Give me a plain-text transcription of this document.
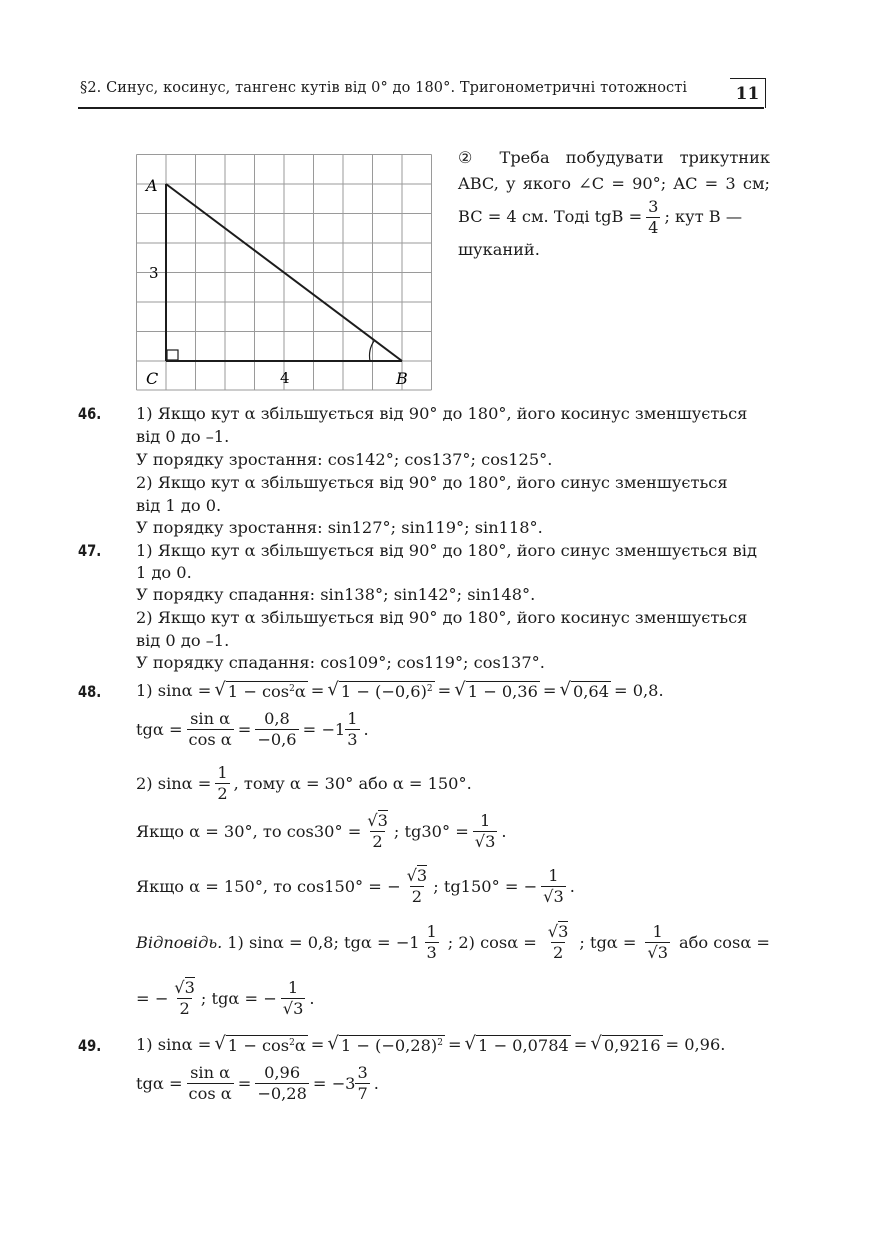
§2. Синус, косинус, тангенс кутів від 0° до 180°. Тригонометричні тотожності	11
A
3
C	4	B
② Треба побудувати трикутник
ABC, у якого ∠C = 90°; AC = 3 см;
BC = 4 см. Тоді tgB = $\frac{3}{4}$ ; кут B —
шуканий.
46. 1) Якщо кут α збільшується від 90° до 180°, його косинус зменшується
від 0 до –1.
У порядку зростання: cos142°; cos137°; cos125°.
2) Якщо кут α збільшується від 90° до 180°, його синус зменшується
від 1 до 0.
У порядку зростання: sin127°; sin119°; sin118°.
47. 1) Якщо кут α збільшується від 90° до 180°, його синус зменшується від
1 до 0.
У порядку спадання: sin138°; sin142°; sin148°.
2) Якщо кут α збільшується від 90° до 180°, його косинус зменшується
від 0 до –1.
У порядку спадання: cos109°; cos119°; cos137°.
48. 1) sinα = √ $1 - \cos^2\alpha$ = √ $1 - (-0,6)^2$ = √ 1 − 0,36 = √ 0,64 = 0,8.
$tg\alpha = \frac{\text{sin α}}{\text{cos α}} = \frac{0,8}{-0,6} = -1$
1
3
.
2) $\sin\alpha = \frac{1}{2}$ , тому α = 30° або α = 150°.
Якщо α = 30°, то $\cos 30^\circ = \frac{√3}{2}$ ; $tg30^\circ = \frac{1}{√3}$ .
Якщо α = 150°, то cos150° = − $\frac{√3}{2}$ ; tg150° = − $\frac{1}{√3}$ .
Відповідь. 1) sinα = 0,8; tgα = −1
1
3
; 2) $\cos\alpha = \frac{√3}{2}$ ; $tg\alpha = \frac{1}{√3}$ або cosα =
= − $\frac{√3}{2}$ ; tgα = − $\frac{1}{√3}$ .
49. 1) sinα = √ $1 - \cos^2\alpha$ = √ $1 - (-0,28)^2$ = √ 1 − 0,0784 = √ 0,9216 = 0,96.
$tg\alpha = \frac{\text{sin α}}{\text{cos α}} = \frac{0,96}{-0,28} = -3$
3
7
.
